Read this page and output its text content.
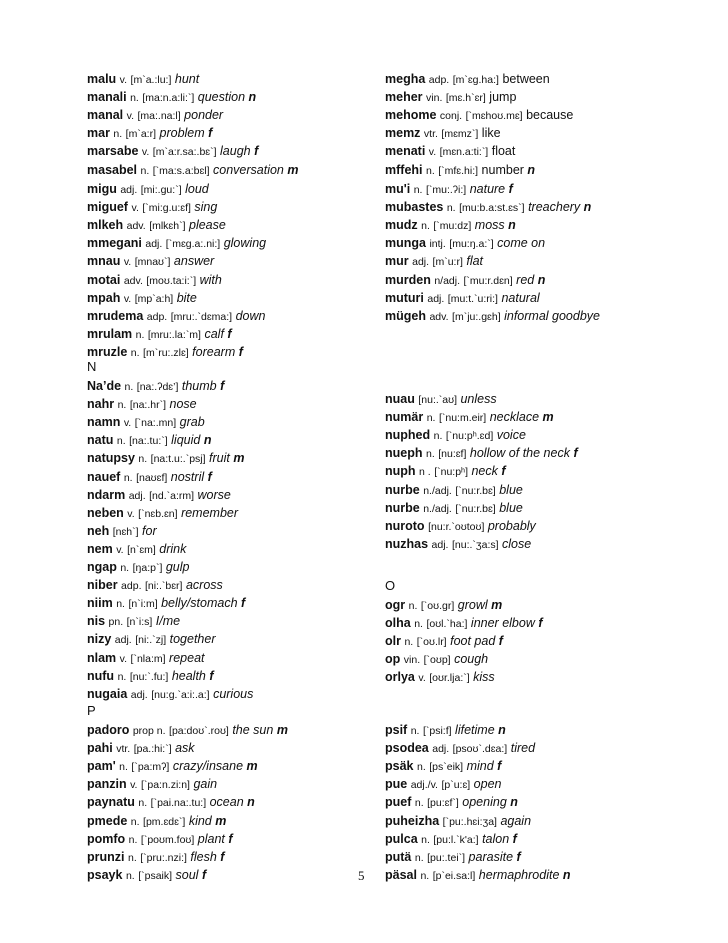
malu v. [m`a.:lu:] hunt
manali n. [ma:n.a:li:`] question n
manal v. [ma:.na:l] ponder
mar n. [m`a:r] problem f
marsabe v. [m`a:r.sa:.bɛ`] laugh f
masabel n. [`ma:s.a:bɛl] conversation m
migu adj. [mi:.gu:`] loud
miguef v. [`mi:g.u:ɛf] sing
mlkeh adv. [mlkɛh`] please
mmegani adj. [`mɛg.a:.ni:] glowing
mnau v. [mnaʊ`] answer
motai adv. [moʊ.ta:i:`] with
mpah v. [mp`a:h] bite
mrudema adp. [mru:.`dɛma:] down
mrulam n. [mru:.la:`m] calf f
mruzle n. [m`ru:.zlɛ] forearm f
N
Na’de n. [na:.ʔdɛ’] thumb f
nahr n. [na:.hr`] nose
namn v. [`na:.mn] grab
natu n. [na:.tu:`] liquid n
natupsy n. [na:t.u:.`psj] fruit m
nauef n. [naʊɛf] nostril f
ndarm adj. [nd.`a:rm] worse
neben v. [`nɛb.ɛn] remember
neh [nɛh`] for
nem v. [n`ɛm] drink
ngap n. [ŋa:p`] gulp
niber adp. [ni:.`bɛr] across
niim n. [n`i:m] belly/stomach f
nis pn. [n`i:s] I/me
nizy adj. [ni:.`zj] together
nlam v. [`nla:m] repeat
nufu n. [nu:`.fu:] health f
nugaia adj. [nu:g.`a:i:.a:] curious
P
padoro prop n. [pa:doʊ`.roʊ] the sun m
pahi vtr. [pa.:hi:`] ask
pam' n. [`pa:mʔ] crazy/insane m
panzin v. [`pa:n.zi:n] gain
paynatu n. [`pai.na:.tu:] ocean n
pmede n. [pm.ɛdɛ`] kind m
pomfo n. [`poʊm.foʊ] plant f
prunzi n. [`pru:.nzi:] flesh f
psayk n. [`psaik] soul f
megha adp. [m`ɛg.ha:] between
meher vin. [mɛ.h`ɛr] jump
mehome conj. [`mɛhoʊ.mɛ] because
memz vtr. [mɛmz`] like
menati v. [mɛn.a:ti:`] float
mffehi n. [`mfɛ.hi:] number n
mu'i n. [`mu:.ʔi:] nature f
mubastes n. [mu:b.a:st.ɛs`] treachery n
mudz n. [`mu:dz] moss n
munga intj. [mu:ŋ.a:`] come on
mur adj. [m`u:r] flat
murden n/adj. [`mu:r.dɛn] red n
muturi adj. [mu:t.`u:ri:] natural
mügeh adv. [m`ju:.gɛh] informal goodbye
nuau [nu:.`aʊ] unless
numär n. [`nu:m.eir] necklace m
nuphed n. [`nu:pʰ.ɛd] voice
nueph n. [nu:ɛf] hollow of the neck f
nuph n . [`nu:pʰ] neck f
nurbe n./adj. [`nu:r.bɛ] blue
nurbe n./adj. [`nu:r.bɛ] blue
nuroto [nu:r.`oʊtoʊ] probably
nuzhas adj. [nu:.`ʒa:s] close
O
ogr n. [`oʊ.gr] growl m
olha n. [oʊl.`ha:] inner elbow f
olr n. [`oʊ.lr] foot pad f
op vin. [`oʊp] cough
orlya v. [oʊr.lja:`] kiss
psif n. [`psi:f] lifetime n
psodea adj. [psoʊ`.dɛa:] tired
psäk n. [ps`eik] mind f
pue adj./v. [p`u:ɛ] open
puef n. [pu:ɛf`] opening n
puheizha [`pu:.hɛi:ʒa] again
pulca n. [pu:l.`k'a:] talon f
putä n. [pu:.tei`] parasite f
päsal n. [p`ei.sa:l] hermaphrodite n
5
